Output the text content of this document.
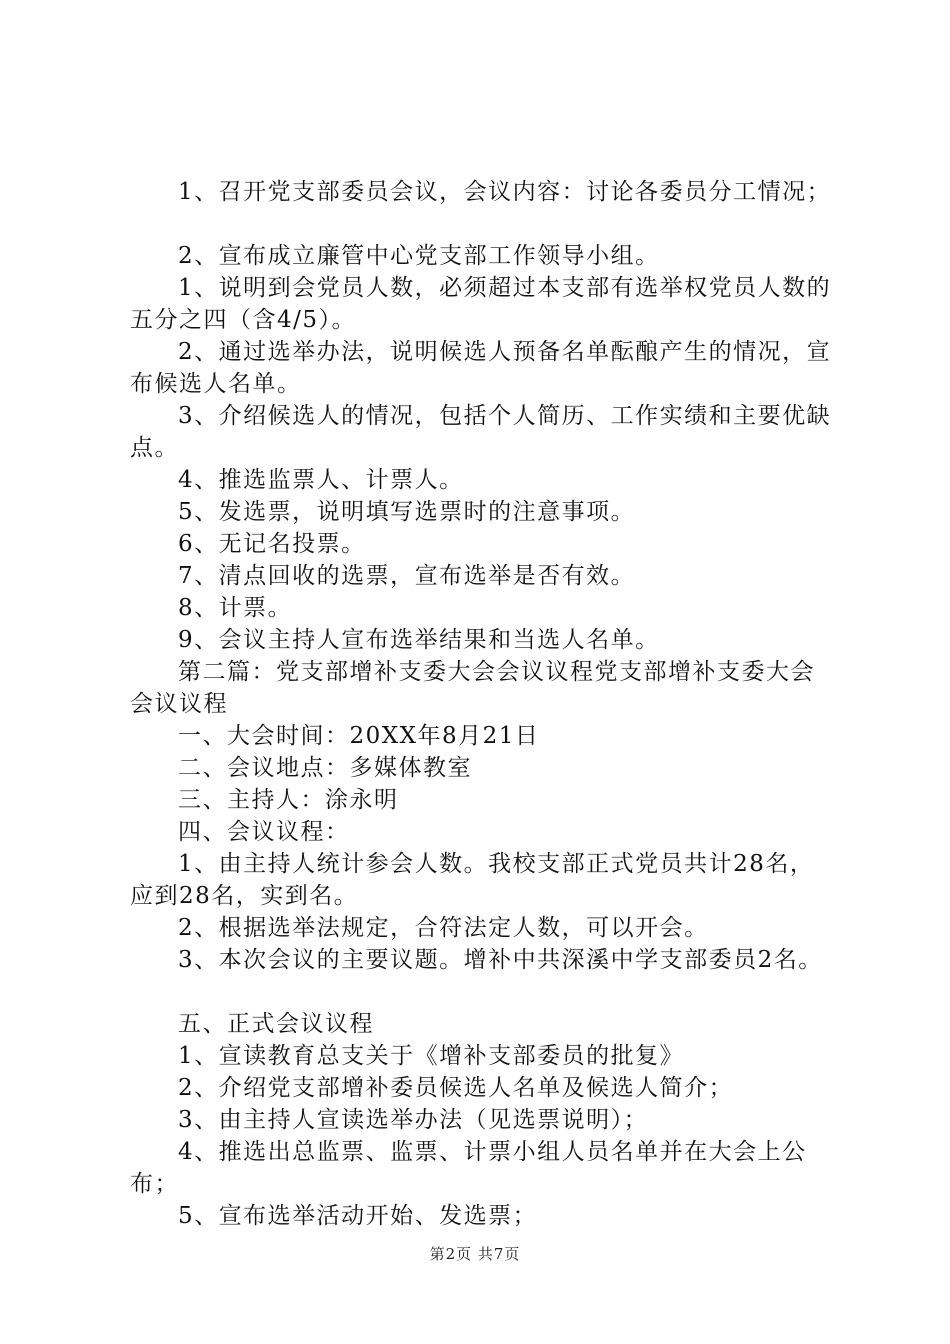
1、召开党支部委员会议，会议内容：讨论各委员分工情况；

2、宣布成立廉管中心党支部工作领导小组。

1、说明到会党员人数，必须超过本支部有选举权党员人数的五分之四（含4/5）。

2、通过选举办法，说明候选人预备名单酝酿产生的情况，宣布候选人名单。

3、介绍候选人的情况，包括个人简历、工作实绩和主要优缺点。

4、推选监票人、计票人。

5、发选票，说明填写选票时的注意事项。

6、无记名投票。

7、清点回收的选票，宣布选举是否有效。

8、计票。

9、会议主持人宣布选举结果和当选人名单。

第二篇：党支部增补支委大会会议议程党支部增补支委大会会议议程

一、大会时间：20XX年8月21日

二、会议地点：多媒体教室

三、主持人：涂永明

四、会议议程：

1、由主持人统计参会人数。我校支部正式党员共计28名，应到28名，实到名。

2、根据选举法规定，合符法定人数，可以开会。

3、本次会议的主要议题。增补中共深溪中学支部委员2名。

五、正式会议议程

1、宣读教育总支关于《增补支部委员的批复》

2、介绍党支部增补委员候选人名单及候选人简介；

3、由主持人宣读选举办法（见选票说明）；

4、推选出总监票、监票、计票小组人员名单并在大会上公布；

5、宣布选举活动开始、发选票；

第2页 共7页
